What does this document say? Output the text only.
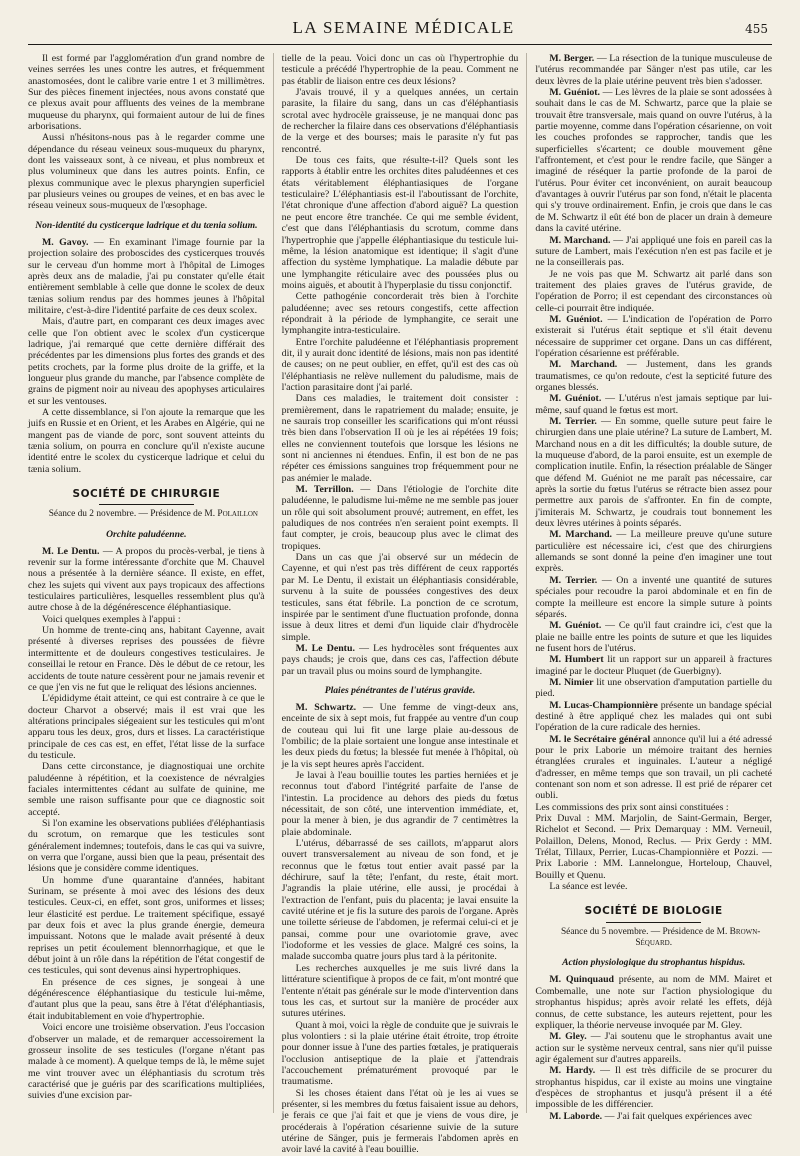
LA SEMAINE MÉDICALE	455

Il est formé par l'agglomération d'un grand nombre de veines serrées les unes contre les autres, et fréquemment anastomosées, dont le calibre varie entre 1 et 3 millimètres. Sur des pièces finement injectées, nous avons constaté que ce plexus avait pour affluents des veines de la membrane muqueuse du pharynx, qui formaient autour de lui de fines arborisations.

Aussi n'hésitons-nous pas à le regarder comme une dépendance du réseau veineux sous-muqueux du pharynx, dont les vaisseaux sont, à ce niveau, et plus nombreux et plus volumineux que dans les autres points. Enfin, ce plexus communique avec le plexus pharyngien superficiel par plusieurs veines ou groupes de veines, et en bas avec le réseau veineux sous-muqueux de l'œsophage.

Non-identité du cysticerque ladrique et du tænia solium.

M. Gavoy. — En examinant l'image fournie par la projection solaire des proboscides des cysticerques trouvés sur le cerveau d'un homme mort à l'hôpital de Limoges après deux ans de maladie, j'ai pu constater qu'elle était entièrement semblable à celle que donne le scolex de deux tænias solium rendus par des hommes jeunes à l'hôpital militaire, c'est-à-dire l'identité parfaite de ces deux scolex.

Mais, d'autre part, en comparant ces deux images avec celle que l'on obtient avec le scolex d'un cysticerque ladrique, j'ai remarqué que cette dernière différait des précédentes par les dimensions plus fortes des grands et des petits crochets, par la forme plus droite de la griffe, et la longueur plus grande du manche, par l'absence complète de grains de pigment noir au niveau des apophyses articulaires et sur les ventouses.

A cette dissemblance, si l'on ajoute la remarque que les juifs en Russie et en Orient, et les Arabes en Algérie, qui ne mangent pas de viande de porc, sont souvent atteints du tænia solium, on pourra en conclure qu'il n'existe aucune identité entre le scolex du cysticerque ladrique et celui du tænia solium.

SOCIÉTÉ DE CHIRURGIE

Séance du 2 novembre. — Présidence de M. Polaillon

Orchite paludéenne.

M. Le Dentu. — A propos du procès-verbal, je tiens à revenir sur la forme intéressante d'orchite que M. Chauvel nous a présentée à la dernière séance. Il existe, en effet, chez les sujets qui vivent aux pays tropicaux des affections testiculaires particulières, lesquelles ressemblent plus qu'à autre chose à de la dégénérescence éléphantiasique.

Voici quelques exemples à l'appui :

Un homme de trente-cinq ans, habitant Cayenne, avait présenté à diverses reprises des poussées de fièvre intermittente et de douleurs congestives testiculaires. Je conseillai le retour en France. Dès le début de ce retour, les accidents de toute nature cessèrent pour ne jamais revenir et ce que j'en vis ne fut que le reliquat des lésions anciennes.

L'épididyme était atteint, ce qui est contraire à ce que le docteur Charvot a observé; mais il est vrai que les altérations principales siégeaient sur les testicules qui m'ont apparu tous les deux, gros, durs et lisses. La caractéristique principale de ces cas est, en effet, l'état lisse de la surface du testicule.

Dans cette circonstance, je diagnostiquai une orchite paludéenne à répétition, et la coexistence de névralgies faciales intermittentes cédant au sulfate de quinine, me semble une raison suffisante pour que ce diagnostic soit accepté.

Si l'on examine les observations publiées d'éléphantiasis du scrotum, on remarque que les testicules sont généralement indemnes; toutefois, dans le cas qui va suivre, on verra que l'organe, aussi bien que la peau, présentait des lésions que je considère comme identiques.

Un homme d'une quarantaine d'années, habitant Surinam, se présente à moi avec des lésions des deux testicules. Ceux-ci, en effet, sont gros, uniformes et lisses; leur élasticité est perdue. Le traitement spécifique, essayé par deux fois et avec la plus grande énergie, demeura impuissant. Notons que le malade avait présenté à deux reprises un petit écoulement blennorrhagique, et que le début joint à un rôle dans la répétition de l'état congestif de ces testicules, qui sont devenus ainsi hypertrophiques.

En présence de ces signes, je songeai à une dégénérescence éléphantiasique du testicule lui-même, d'autant plus que la peau, sans être à l'état d'éléphantiasis, était indubitablement en voie d'hypertrophie.

Voici encore une troisième observation. J'eus l'occasion d'observer un malade, et de remarquer accessoirement la grosseur insolite de ses testicules (l'organe n'étant pas malade à ce moment). A quelque temps de là, le même sujet me vint trouver avec un éléphantiasis du scrotum très caractérisé que je guéris par des scarifications multipliées, suivies d'une excision par-

tielle de la peau. Voici donc un cas où l'hypertrophie du testicule a précédé l'hypertrophie de la peau. Comment ne pas établir de liaison entre ces deux lésions?

J'avais trouvé, il y a quelques années, un certain parasite, la filaire du sang, dans un cas d'éléphantiasis scrotal avec hydrocèle graisseuse, je ne manquai donc pas de rechercher la filaire dans ces observations d'éléphantiasis de la verge et des bourses; mais le parasite n'y fut pas rencontré.

De tous ces faits, que résulte-t-il? Quels sont les rapports à établir entre les orchites dites paludéennes et ces états véritablement éléphantiasiques de l'organe testiculaire? L'éléphantiasis est-il l'aboutissant de l'orchite, l'état chronique d'une affection d'abord aiguë? La question ne peut encore être tranchée. Ce qui me semble évident, c'est que dans l'éléphantiasis du scrotum, comme dans l'hypertrophie que j'appelle éléphantiasique du testicule lui-même, la lésion anatomique est identique; il s'agit d'une affection du système lymphatique. La maladie débute par une lymphangite réticulaire avec des poussées plus ou moins aiguës, et aboutit à l'hyperplasie du tissu conjonctif.

Cette pathogénie concorderait très bien à l'orchite paludéenne; avec ses retours congestifs, cette affection répondrait à la période de lymphangite, ce serait une lymphangite intra-testiculaire.

Entre l'orchite paludéenne et l'éléphantiasis proprement dit, il y aurait donc identité de lésions, mais non pas identité de causes; on ne peut oublier, en effet, qu'il est des cas où l'éléphantiasis ne relève nullement du paludisme, mais de l'action parasitaire dont j'ai parlé.

Dans ces maladies, le traitement doit consister : premièrement, dans le rapatriement du malade; ensuite, je ne saurais trop conseiller les scarifications qui m'ont réussi très bien dans l'observation II où je les ai répétées 19 fois; elles ne conviennent toutefois que lorsque les lésions ne sont ni anciennes ni étendues. Enfin, il est bon de ne pas répéter ces émissions sanguines trop fréquemment pour ne pas anémier le malade.

M. Terrillon. — Dans l'étiologie de l'orchite dite paludéenne, le paludisme lui-même ne me semble pas jouer un rôle qui soit absolument prouvé; autrement, en effet, les paludiques de nos contrées n'en seraient point exempts. Il faut compter, je crois, beaucoup plus avec le climat des tropiques.

Dans un cas que j'ai observé sur un médecin de Cayenne, et qui n'est pas très différent de ceux rapportés par M. Le Dentu, il existait un éléphantiasis considérable, survenu à la suite de poussées congestives des deux testicules, sans état fébrile. La ponction de ce scrotum, inspirée par le sentiment d'une fluctuation profonde, donna issue à deux litres et demi d'un liquide clair d'hydrocèle simple.

M. Le Dentu. — Les hydrocèles sont fréquentes aux pays chauds; je crois que, dans ces cas, l'affection débute par un travail plus ou moins sourd de lymphangite.

Plaies pénétrantes de l'utérus gravide.

M. Schwartz. — Une femme de vingt-deux ans, enceinte de six à sept mois, fut frappée au ventre d'un coup de couteau qui lui fit une large plaie au-dessous de l'ombilic; de la plaie sortaient une longue anse intestinale et les deux pieds du fœtus; la blessée fut menée à l'hôpital, où je la vis sept heures après l'accident.

Je lavai à l'eau bouillie toutes les parties herniées et je reconnus tout d'abord l'intégrité parfaite de l'anse de l'intestin. La procidence au dehors des pieds du fœtus nécessitait, de son côté, une intervention immédiate, et, pour la mener à bien, je dus agrandir de 7 centimètres la plaie abdominale.

L'utérus, débarrassé de ses caillots, m'apparut alors ouvert transversalement au niveau de son fond, et je reconnus que le fœtus tout entier avait passé par la déchirure, sauf la tête; l'enfant, du reste, était mort. J'agrandis la plaie utérine, elle aussi, je procédai à l'extraction de l'enfant, puis du placenta; je lavai ensuite la cavité utérine et je fis la suture des parois de l'organe. Après une toilette sérieuse de l'abdomen, je refermai celui-ci et je pansai, comme pour une ovariotomie grave, avec l'iodoforme et les vessies de glace. Malgré ces soins, la malade succomba quatre jours plus tard à la péritonite.

Les recherches auxquelles je me suis livré dans la littérature scientifique à propos de ce fait, m'ont montré que l'entente n'était pas générale sur le mode d'intervention dans tous les cas, et surtout sur la manière de procéder aux sutures utérines.

Quant à moi, voici la règle de conduite que je suivrais le plus volontiers : si la plaie utérine était étroite, trop étroite pour donner issue à l'une des parties fœtales, je pratiquerais l'occlusion antiseptique de la plaie et j'attendrais l'accouchement prématurément provoqué par le traumatisme.

Si les choses étaient dans l'état où je les ai vues se présenter, si les membres du fœtus faisaient issue au dehors, je ferais ce que j'ai fait et que je viens de vous dire, je procéderais à l'opération césarienne suivie de la suture utérine de Sänger, puis je fermerais l'abdomen après en avoir lavé la cavité à l'eau bouillie.

M. Berger. — La résection de la tunique musculeuse de l'utérus recommandée par Sänger n'est pas utile, car les deux lèvres de la plaie utérine peuvent très bien s'adosser.

M. Guéniot. — Les lèvres de la plaie se sont adossées à souhait dans le cas de M. Schwartz, parce que la plaie se trouvait être transversale, mais quand on ouvre l'utérus, à la partie moyenne, comme dans l'opération césarienne, on voit les couches profondes se rapprocher, tandis que les superficielles s'écartent; ce double mouvement gêne l'affrontement, et c'est pour le rendre facile, que Sänger a imaginé de réséquer la partie profonde de la paroi de l'utérus. Pour éviter cet inconvénient, on aurait beaucoup d'avantages à ouvrir l'utérus par son fond, n'était le placenta qui s'y trouve ordinairement. Enfin, je crois que dans le cas de M. Schwartz il eût été bon de placer un drain à demeure dans la cavité utérine.

M. Marchand. — J'ai appliqué une fois en pareil cas la suture de Lambert, mais l'exécution n'en est pas facile et je ne la conseillerais pas.

Je ne vois pas que M. Schwartz ait parlé dans son traitement des plaies graves de l'utérus gravide, de l'opération de Porro; il est cependant des circonstances où celle-ci pourrait être indiquée.

M. Guéniot. — L'indication de l'opération de Porro existerait si l'utérus était septique et s'il était devenu nécessaire de supprimer cet organe. Dans un cas différent, l'opération césarienne est préférable.

M. Marchand. — Justement, dans les grands traumatismes, ce qu'on redoute, c'est la septicité future des organes blessés.

M. Guéniot. — L'utérus n'est jamais septique par lui-même, sauf quand le fœtus est mort.

M. Terrier. — En somme, quelle suture peut faire le chirurgien dans une plaie utérine? La suture de Lambert, M. Marchand nous en a dit les difficultés; la double suture, de la muqueuse d'abord, de la paroi ensuite, est un exemple de complication inutile. Enfin, la résection préalable de Sänger que défend M. Guéniot ne me paraît pas nécessaire, car après la sortie du fœtus l'utérus se rétracte bien assez pour permettre aux parois de s'affronter. En fin de compte, j'imiterais M. Schwartz, je coudrais tout bonnement les deux lèvres utérines à points séparés.

M. Marchand. — La meilleure preuve qu'une suture particulière est nécessaire ici, c'est que des chirurgiens allemands se sont donné la peine d'en imaginer une tout exprès.

M. Terrier. — On a inventé une quantité de sutures spéciales pour recoudre la paroi abdominale et en fin de compte la meilleure est encore la simple suture à points séparés.

M. Guéniot. — Ce qu'il faut craindre ici, c'est que la plaie ne baille entre les points de suture et que les liquides ne fusent hors de l'utérus.

M. Humbert lit un rapport sur un appareil à fractures imaginé par le docteur Pluquet (de Guerbigny).

M. Nimier lit une observation d'amputation partielle du pied.

M. Lucas-Championnière présente un bandage spécial destiné à être appliqué chez les malades qui ont subi l'opération de la cure radicale des hernies.

M. le Secrétaire général annonce qu'il lui a été adressé pour le prix Laborie un mémoire traitant des hernies étranglées crurales et inguinales. L'auteur a négligé d'adresser, en même temps que son travail, un pli cacheté contenant son nom et son adresse. Il est prié de réparer cet oubli.

Les commissions des prix sont ainsi constituées :

Prix Duval : MM. Marjolin, de Saint-Germain, Berger, Richelot et Second. — Prix Demarquay : MM. Verneuil, Polaillon, Delens, Monod, Reclus. — Prix Gerdy : MM. Trélat, Tillaux, Perrier, Lucas-Championnière et Pozzi. — Prix Laborie : MM. Lannelongue, Horteloup, Chauvel, Bouilly et Quenu.

La séance est levée.

SOCIÉTÉ DE BIOLOGIE

Séance du 5 novembre. — Présidence de M. Brown-Séquard.

Action physiologique du strophantus hispidus.

M. Quinquaud présente, au nom de MM. Mairet et Combemalle, une note sur l'action physiologique du strophantus hispidus; après avoir relaté les effets, déjà connus, de cette substance, les auteurs rejettent, pour les expliquer, la théorie nerveuse invoquée par M. Gley.

M. Gley. — J'ai soutenu que le strophantus avait une action sur le système nerveux central, sans nier qu'il puisse agir également sur d'autres appareils.

M. Hardy. — Il est très difficile de se procurer du strophantus hispidus, car il existe au moins une vingtaine d'espèces de strophantus et jusqu'à présent il a été impossible de les différencier.

M. Laborde. — J'ai fait quelques expériences avec
